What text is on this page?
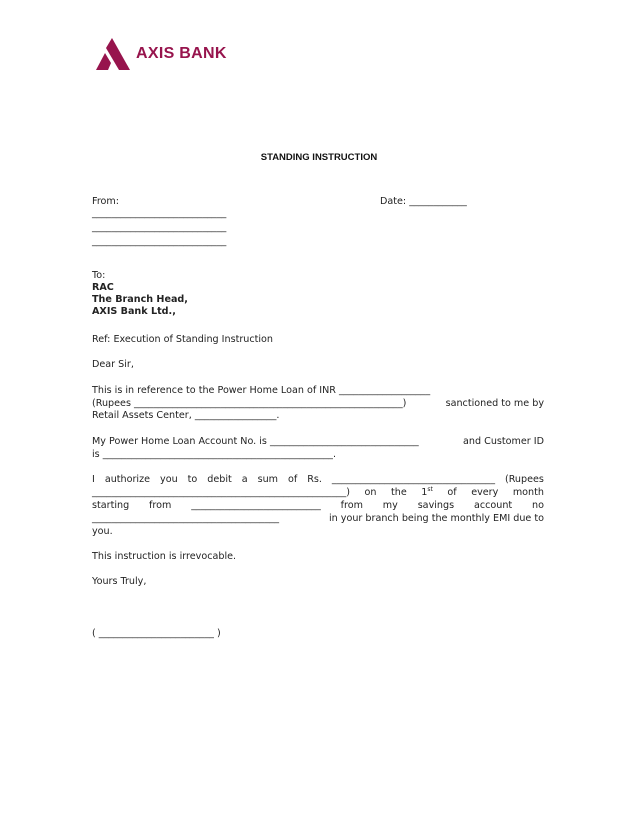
AXIS BANK
STANDING INSTRUCTION
From:	Date: ____________
____________________________
____________________________
____________________________
To:
RAC
The Branch Head,
AXIS Bank Ltd.,
Ref: Execution of Standing Instruction
Dear Sir,
This is in reference to the Power Home Loan of INR ___________________
(Rupees ________________________________________________________)	sanctioned to me by
Retail Assets Center, _________________.
My Power Home Loan Account No. is _______________________________	and Customer ID
is ________________________________________________.
I authorize you to debit a sum of Rs. __________________________________ (Rupees
_____________________________________________________) on the 1st of every month
starting from ___________________________ from my savings account no
_______________________________________	in your branch being the monthly EMI due to
you.
This instruction is irrevocable.
Yours Truly,
( ________________________ )
